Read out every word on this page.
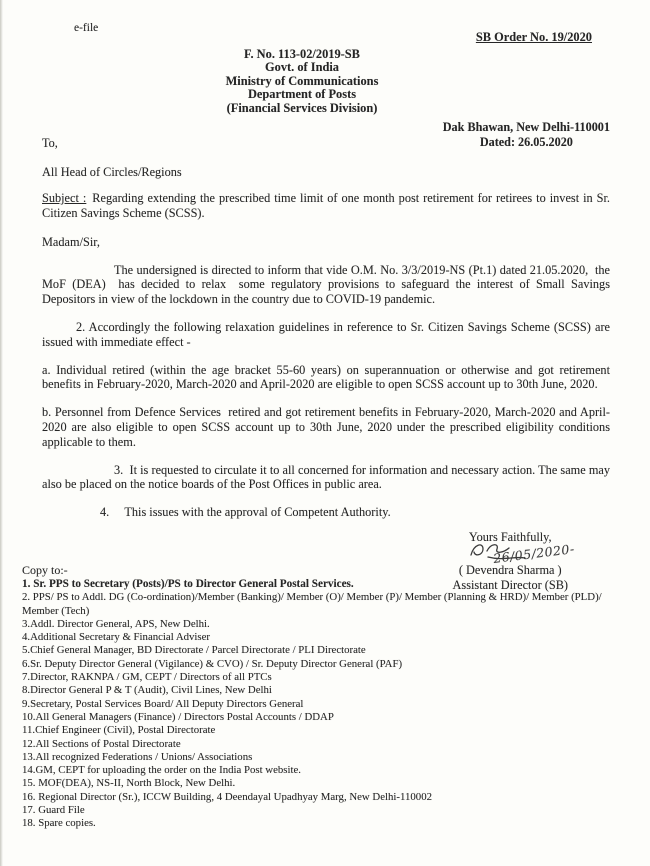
e-file
SB Order No. 19/2020
F. No. 113-02/2019-SB
Govt. of India
Ministry of Communications
Department of Posts
(Financial Services Division)
Dak Bhawan, New Delhi-110001
Dated: 26.05.2020
To,
All Head of Circles/Regions
Subject : Regarding extending the prescribed time limit of one month post retirement for retirees to invest in Sr. Citizen Savings Scheme (SCSS).
Madam/Sir,
The undersigned is directed to inform that vide O.M. No. 3/3/2019-NS (Pt.1) dated 21.05.2020,  the MoF (DEA)  has decided to relax  some regulatory provisions to safeguard the interest of Small Savings Depositors in view of the lockdown in the country due to COVID-19 pandemic.
2. Accordingly the following relaxation guidelines in reference to Sr. Citizen Savings Scheme (SCSS) are issued with immediate effect -
a. Individual retired (within the age bracket 55-60 years) on superannuation or otherwise and got retirement benefits in February-2020, March-2020 and April-2020 are eligible to open SCSS account up to 30th June, 2020.
b. Personnel from Defence Services  retired and got retirement benefits in February-2020, March-2020 and April-2020 are also eligible to open SCSS account up to 30th June, 2020 under the prescribed eligibility conditions applicable to them.
3.  It is requested to circulate it to all concerned for information and necessary action. The same may also be placed on the notice boards of the Post Offices in public area.
4.     This issues with the approval of Competent Authority.
Yours Faithfully,
26/05/2020-
( Devendra Sharma )
Assistant Director (SB)
Copy to:-
1. Sr. PPS to Secretary (Posts)/PS to Director General Postal Services.
2. PPS/ PS to Addl. DG (Co-ordination)/Member (Banking)/ Member (O)/ Member (P)/ Member (Planning & HRD)/ Member (PLD)/ Member (Tech)
3.Addl. Director General, APS, New Delhi.
4.Additional Secretary & Financial Adviser
5.Chief General Manager, BD Directorate / Parcel Directorate / PLI Directorate
6.Sr. Deputy Director General (Vigilance) & CVO) / Sr. Deputy Director General (PAF)
7.Director, RAKNPA / GM, CEPT / Directors of all PTCs
8.Director General P & T (Audit), Civil Lines, New Delhi
9.Secretary, Postal Services Board/ All Deputy Directors General
10.All General Managers (Finance) / Directors Postal Accounts / DDAP
11.Chief Engineer (Civil), Postal Directorate
12.All Sections of Postal Directorate
13.All recognized Federations / Unions/ Associations
14.GM, CEPT for uploading the order on the India Post website.
15. MOF(DEA), NS-II, North Block, New Delhi.
16. Regional Director (Sr.), ICCW Building, 4 Deendayal Upadhyay Marg, New Delhi-110002
17. Guard File
18. Spare copies.
